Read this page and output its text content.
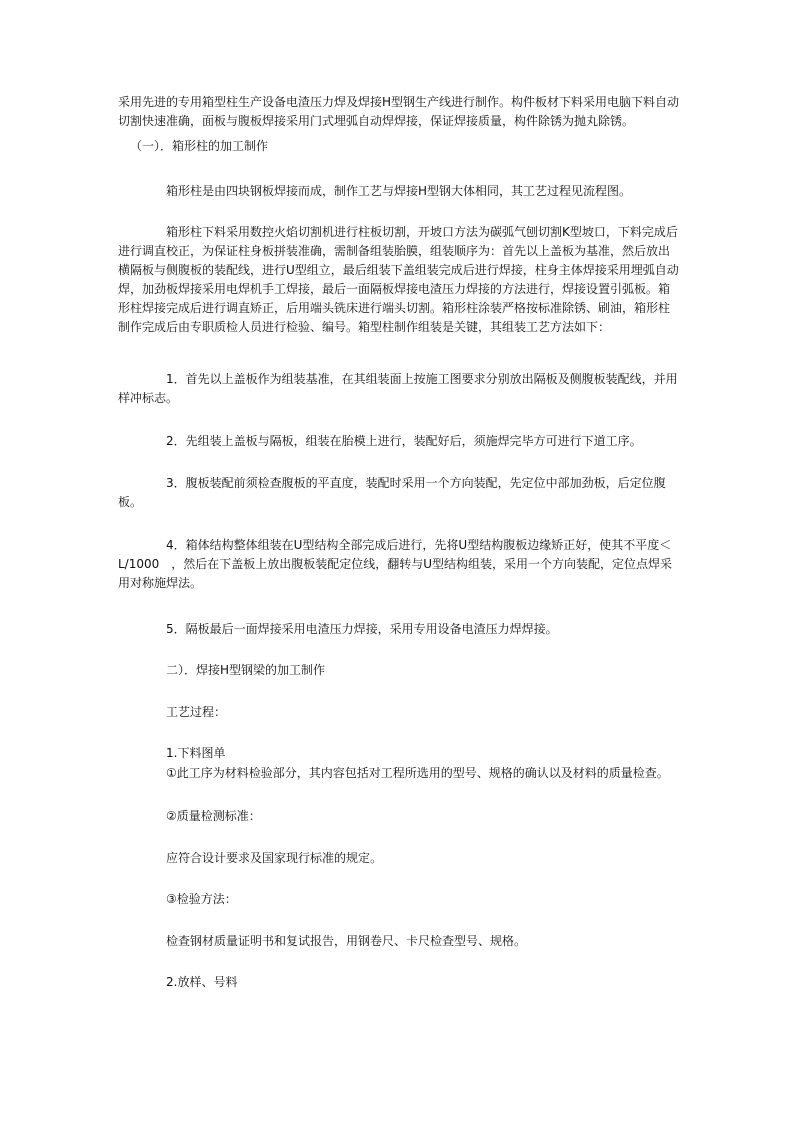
采用先进的专用箱型柱生产设备电渣压力焊及焊接H型钢生产线进行制作。构件板材下料采用电脑下料自动切割快速准确，面板与腹板焊接采用门式埋弧自动焊焊接，保证焊接质量，构件除锈为抛丸除锈。

（一）．箱形柱的加工制作

箱形柱是由四块钢板焊接而成，制作工艺与焊接H型钢大体相同，其工艺过程见流程图。

箱形柱下料采用数控火焰切割机进行柱板切割，开坡口方法为碳弧气刨切割K型坡口，下料完成后进行调直校正，为保证柱身板拼装准确，需制备组装胎膜，组装顺序为：首先以上盖板为基准，然后放出横隔板与侧腹板的装配线，进行U型组立，最后组装下盖组装完成后进行焊接，柱身主体焊接采用埋弧自动焊，加劲板焊接采用电焊机手工焊接，最后一面隔板焊接电渣压力焊接的方法进行，焊接设置引弧板。箱形柱焊接完成后进行调直矫正，后用端头铣床进行端头切割。箱形柱涂装严格按标准除锈、刷油，箱形柱制作完成后由专职质检人员进行检验、编号。箱型柱制作组装是关键，其组装工艺方法如下：

1．首先以上盖板作为组装基准，在其组装面上按施工图要求分别放出隔板及侧腹板装配线，并用样冲标志。

2．先组装上盖板与隔板，组装在胎模上进行，装配好后，须施焊完毕方可进行下道工序。

3．腹板装配前须检查腹板的平直度，装配时采用一个方向装配，先定位中部加劲板，后定位腹板。

4．箱体结构整体组装在U型结构全部完成后进行，先将U型结构腹板边缘矫正好，使其不平度＜L/1000　，然后在下盖板上放出腹板装配定位线，翻转与U型结构组装，采用一个方向装配，定位点焊采用对称施焊法。

5．隔板最后一面焊接采用电渣压力焊接，采用专用设备电渣压力焊焊接。

二）．焊接H型钢梁的加工制作

工艺过程：

1.下料图单

①此工序为材料检验部分，其内容包括对工程所选用的型号、规格的确认以及材料的质量检查。

②质量检测标准：

应符合设计要求及国家现行标准的规定。

③检验方法：

检查钢材质量证明书和复试报告，用钢卷尺、卡尺检查型号、规格。

2.放样、号料
